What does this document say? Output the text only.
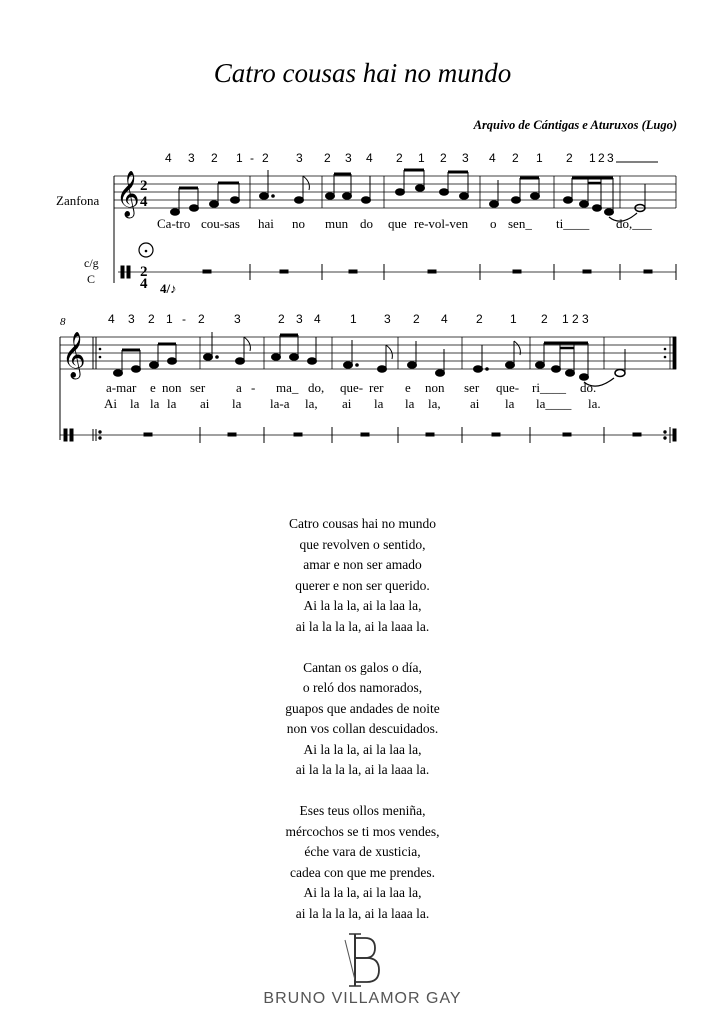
Catro cousas hai no mundo
Arquivo de Cántigas e Aturuxos (Lugo)
4 3 2 1 - 2 3 2 3 4 2 1 2 3 4 2 1 2 1 2 3
Zanfona 𝄞 2
4
Ca-tro cou-sas hai no mun do que re-vol-ven o sen_ ti____ do,___
c/g
C	2
4 4/♪
8	4 3 2 1 - 2 3	2 3 4 1 3 2 4 2 1 2 1 2 3
𝄞
a-mar e non ser a - ma_ do, que- rer e non ser que- ri____ do.
Ai la la la ai la la-a la, ai la la la, ai la la____ la.
Catro cousas hai no mundo
que revolven o sentido,
amar e non ser amado
querer e non ser querido.
Ai la la la, ai la laa la,
ai la la la la, ai la laaa la.
Cantan os galos o día,
o reló dos namorados,
guapos que andades de noite
non vos collan descuidados.
Ai la la la, ai la laa la,
ai la la la la, ai la laaa la.
Eses teus ollos meniña,
mércochos se ti mos vendes,
éche vara de xusticia,
cadea con que me prendes.
Ai la la la, ai la laa la,
ai la la la la, ai la laaa la.
BRUNO VILLAMOR GAY
